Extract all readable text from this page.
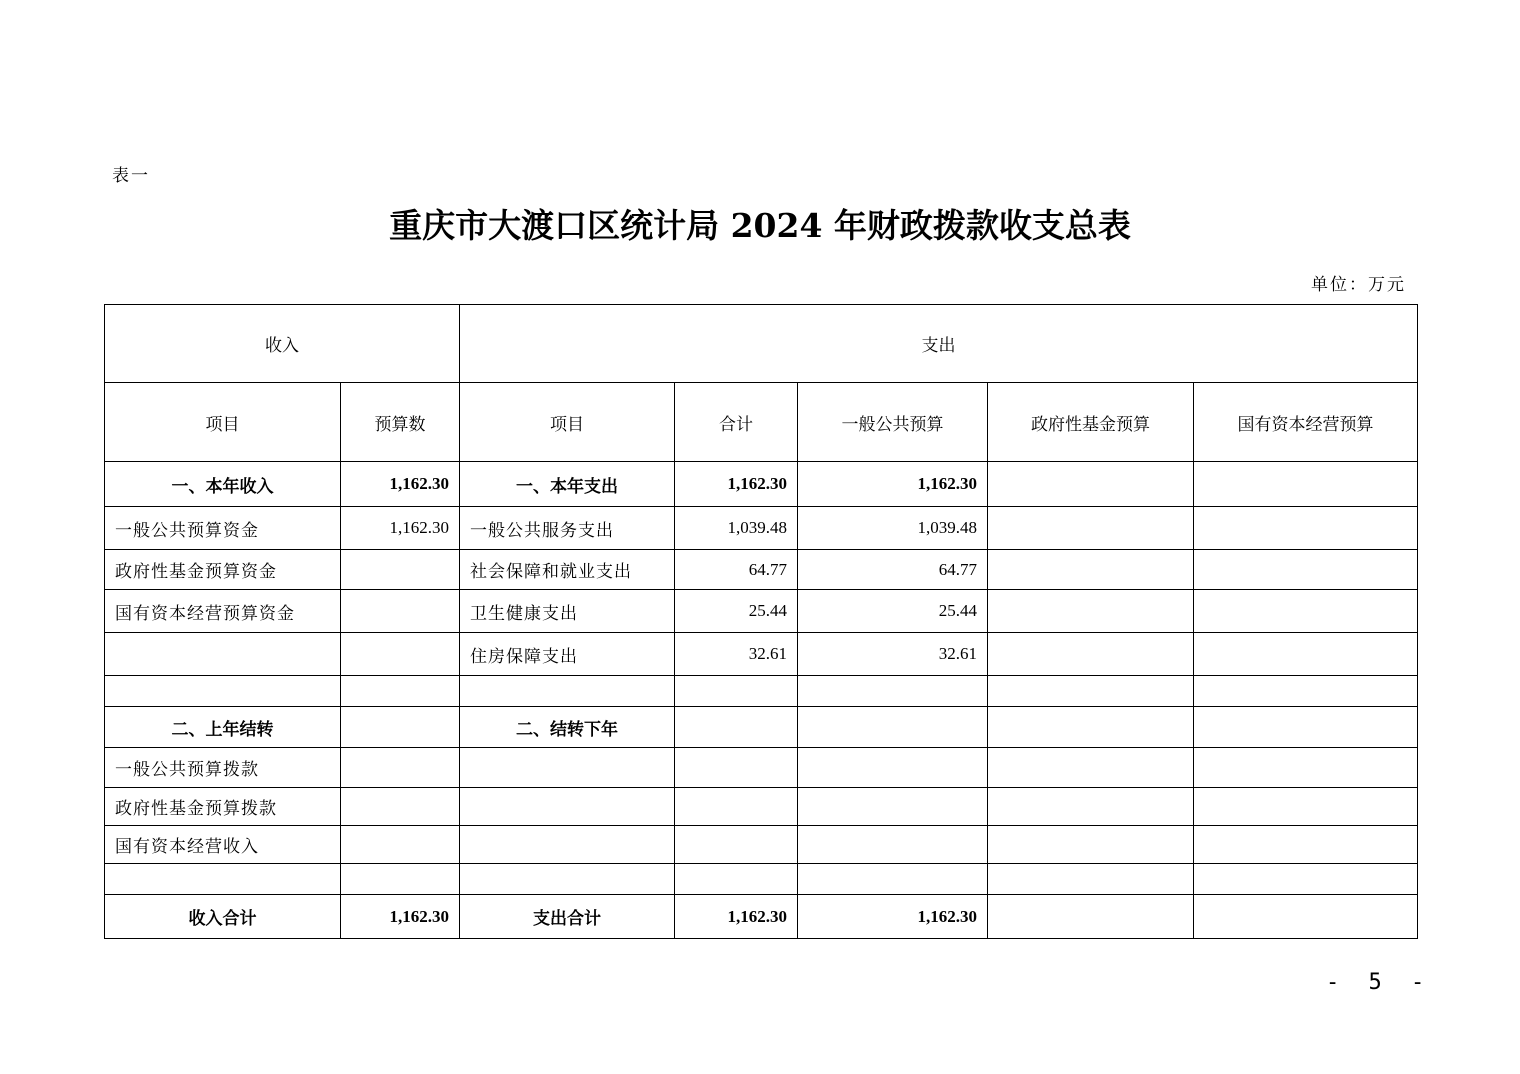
表一
重庆市大渡口区统计局 2024 年财政拨款收支总表
单位：万元
收入		支出				
项目	预算数	项目	合计	一般公共预算	政府性基金预算	国有资本经营预算
一、本年收入	1,162.30	一、本年支出	1,162.30	1,162.30		
一般公共预算资金	1,162.30	一般公共服务支出	1,039.48	1,039.48		
政府性基金预算资金		社会保障和就业支出	64.77	64.77		
国有资本经营预算资金		卫生健康支出	25.44	25.44		
		住房保障支出	32.61	32.61		

二、上年结转		二、结转下年				
一般公共预算拨款						
政府性基金预算拨款						
国有资本经营收入						

收入合计	1,162.30	支出合计	1,162.30	1,162.30		
- 5 -
